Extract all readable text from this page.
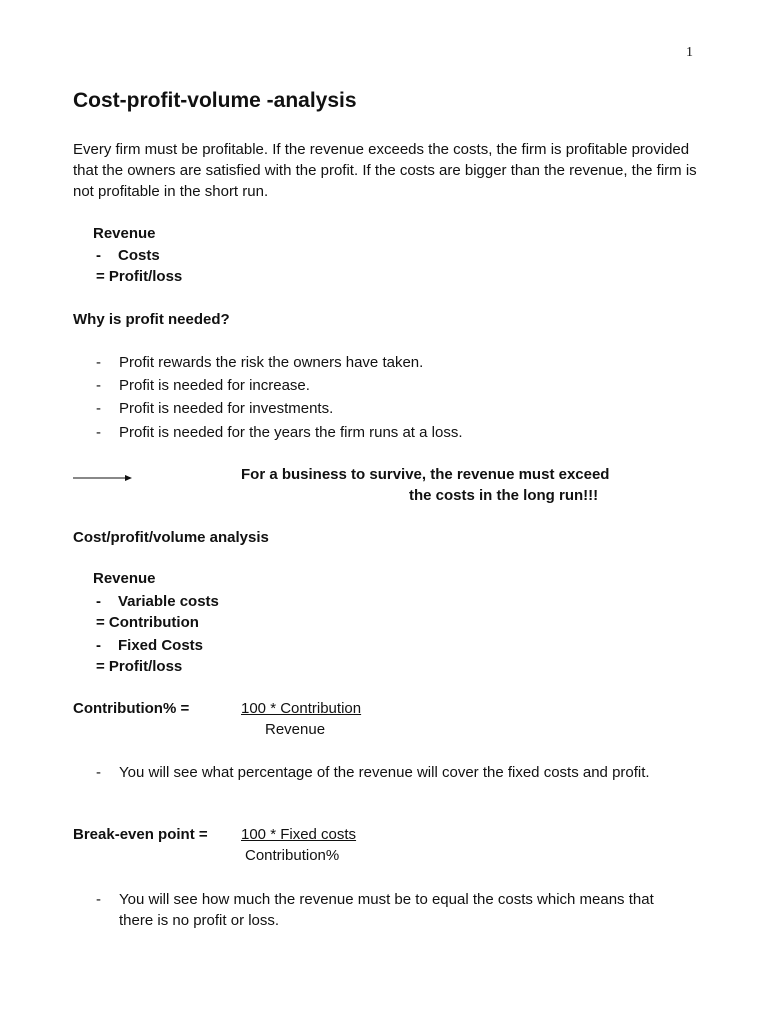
1
Cost-profit-volume -analysis
Every firm must be profitable. If the revenue exceeds the costs, the firm is profitable provided that the owners are satisfied with the profit. If the costs are bigger than the revenue, the firm is not profitable in the short run.
Revenue
- Costs
= Profit/loss
Why is profit needed?
- Profit rewards the risk the owners have taken.
- Profit is needed for increase.
- Profit is needed for investments.
- Profit is needed for the years the firm runs at a loss.
For a business to survive, the revenue must exceed
the costs in the long run!!!
Cost/profit/volume analysis
Revenue
- Variable costs
= Contribution
- Fixed Costs
= Profit/loss
Contribution% =	100 * Contribution
Revenue
-	You will see what percentage of the revenue will cover the fixed costs and profit.
Break-even point = 100 * Fixed costs
Contribution%
-	You will see how much the revenue must be to equal the costs which means that there is no profit or loss.
